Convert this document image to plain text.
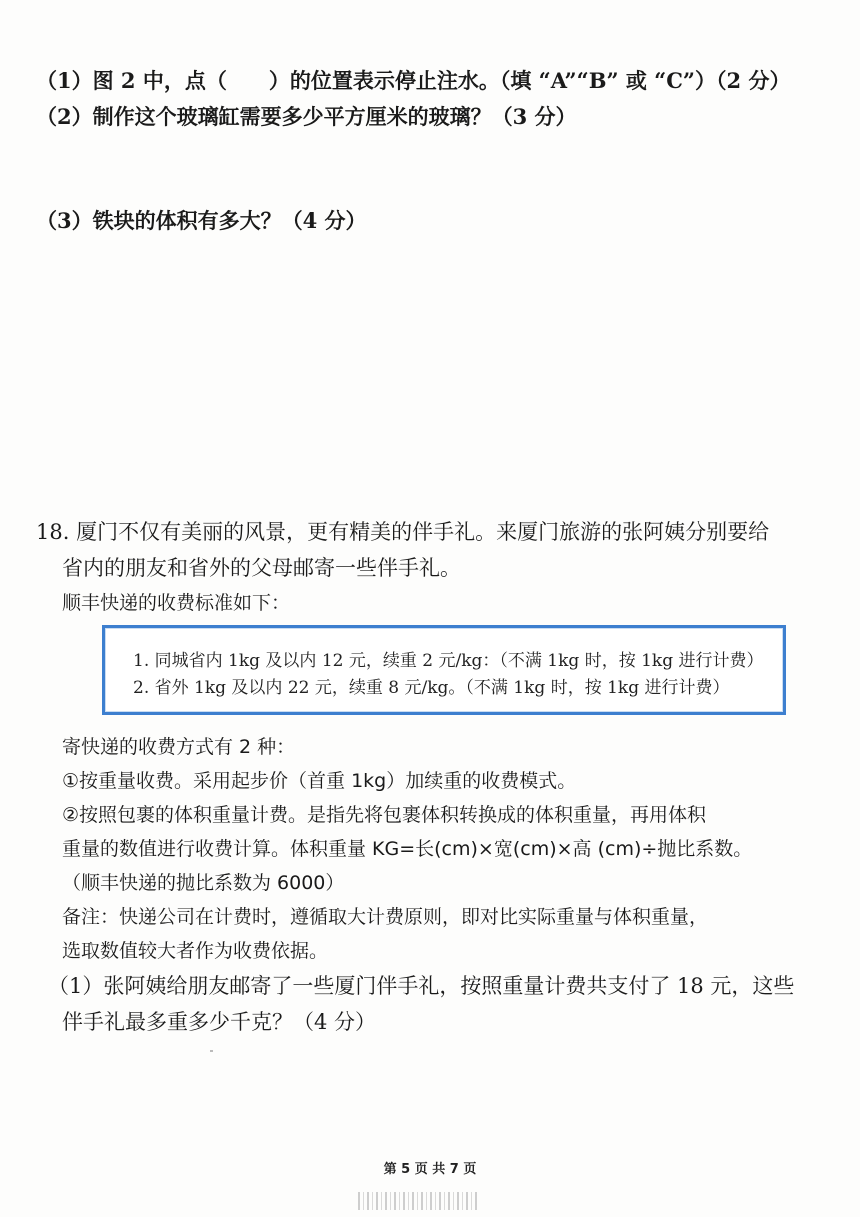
（1）图 2 中，点（　　）的位置表示停止注水。（填 “A”“B” 或 “C”）（2 分）
（2）制作这个玻璃缸需要多少平方厘米的玻璃？（3 分）
（3）铁块的体积有多大？（4 分）
18. 厦门不仅有美丽的风景，更有精美的伴手礼。来厦门旅游的张阿姨分别要给
省内的朋友和省外的父母邮寄一些伴手礼。
顺丰快递的收费标准如下：
1. 同城省内 1kg 及以内 12 元，续重 2 元/kg：（不满 1kg 时，按 1kg 进行计费）
2. 省外 1kg 及以内 22 元，续重 8 元/kg。（不满 1kg 时，按 1kg 进行计费）
寄快递的收费方式有 2 种：
①按重量收费。采用起步价（首重 1kg）加续重的收费模式。
②按照包裹的体积重量计费。是指先将包裹体积转换成的体积重量，再用体积
重量的数值进行收费计算。体积重量 KG=长(cm)×宽(cm)×高 (cm)÷抛比系数。
（顺丰快递的抛比系数为 6000）
备注：快递公司在计费时，遵循取大计费原则，即对比实际重量与体积重量，
选取数值较大者作为收费依据。
（1）张阿姨给朋友邮寄了一些厦门伴手礼，按照重量计费共支付了 18 元，这些
伴手礼最多重多少千克？（4 分）
第 5 页 共 7 页
